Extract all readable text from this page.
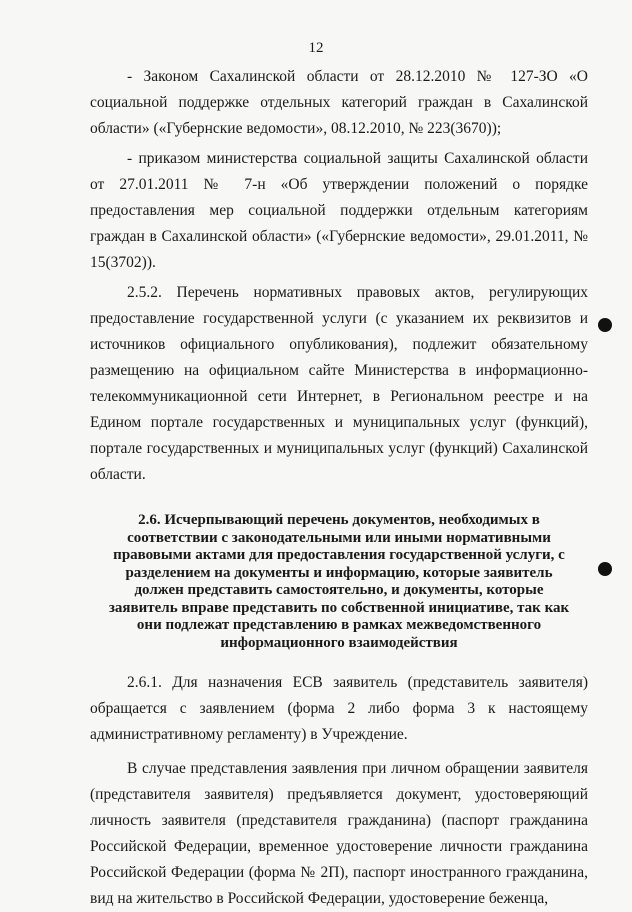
12

- Законом Сахалинской области от 28.12.2010 № 127-ЗО «О социальной поддержке отдельных категорий граждан в Сахалинской области» («Губернские ведомости», 08.12.2010, № 223(3670));

- приказом министерства социальной защиты Сахалинской области от 27.01.2011 № 7-н «Об утверждении положений о порядке предоставления мер социальной поддержки отдельным категориям граждан в Сахалинской области» («Губернские ведомости», 29.01.2011, № 15(3702)).

2.5.2. Перечень нормативных правовых актов, регулирующих предоставление государственной услуги (с указанием их реквизитов и источников официального опубликования), подлежит обязательному размещению на официальном сайте Министерства в информационно-телекоммуникационной сети Интернет, в Региональном реестре и на Едином портале государственных и муниципальных услуг (функций), портале государственных и муниципальных услуг (функций) Сахалинской области.

2.6. Исчерпывающий перечень документов, необходимых в соответствии с законодательными или иными нормативными правовыми актами для предоставления государственной услуги, с разделением на документы и информацию, которые заявитель должен представить самостоятельно, и документы, которые заявитель вправе представить по собственной инициативе, так как они подлежат представлению в рамках межведомственного информационного взаимодействия

2.6.1. Для назначения ЕСВ заявитель (представитель заявителя) обращается с заявлением (форма 2 либо форма 3 к настоящему административному регламенту) в Учреждение.

В случае представления заявления при личном обращении заявителя (представителя заявителя) предъявляется документ, удостоверяющий личность заявителя (представителя гражданина) (паспорт гражданина Российской Федерации, временное удостоверение личности гражданина Российской Федерации (форма № 2П), паспорт иностранного гражданина, вид на жительство в Российской Федерации, удостоверение беженца,
